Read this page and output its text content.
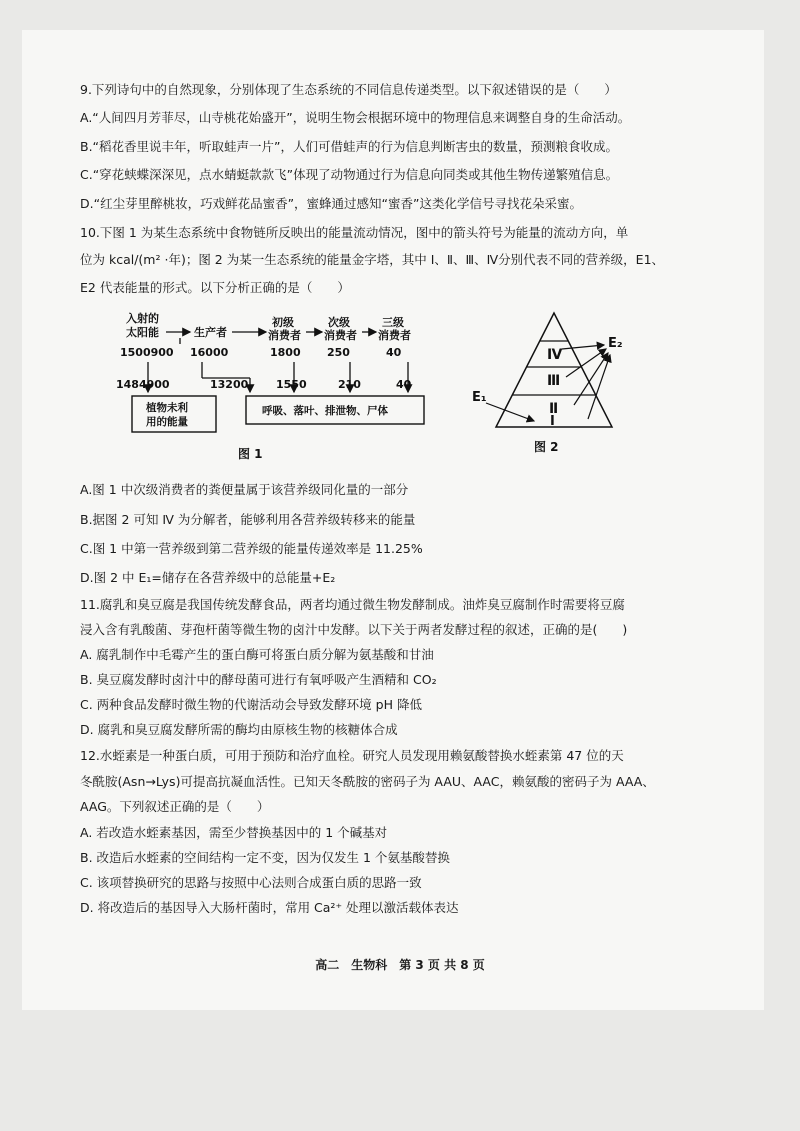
9.下列诗句中的自然现象，分别体现了生态系统的不同信息传递类型。以下叙述错误的是（　　）
A.“人间四月芳菲尽，山寺桃花始盛开”，说明生物会根据环境中的物理信息来调整自身的生命活动。
B.“稻花香里说丰年，听取蛙声一片”，人们可借蛙声的行为信息判断害虫的数量，预测粮食收成。
C.“穿花蛱蝶深深见，点水蜻蜓款款飞”体现了动物通过行为信息向同类或其他生物传递繁殖信息。
D.“红尘芽里醉桃妆，巧戏鲜花品蜜香”，蜜蜂通过感知“蜜香”这类化学信号寻找花朵采蜜。
10.下图 1 为某生态系统中食物链所反映出的能量流动情况，图中的箭头符号为能量的流动方向，单
位为 kcal/(m² ·年)；图 2 为某一生态系统的能量金字塔，其中 Ⅰ、Ⅱ、Ⅲ、Ⅳ分别代表不同的营养级，E1、
E2 代表能量的形式。以下分析正确的是（　　）
入射的
太阳能
1500900
生产者
16000
初级
消费者
1800
次级
消费者
250
三级
消费者
40
1484900	13200	1550	210	40
植物未利
用的能量
呼吸、落叶、排泄物、尸体
图 1
Ⅳ
Ⅲ
Ⅱ
Ⅰ
E₁
E₂
图 2
A.图 1 中次级消费者的粪便量属于该营养级同化量的一部分
B.据图 2 可知 Ⅳ 为分解者，能够利用各营养级转移来的能量
C.图 1 中第一营养级到第二营养级的能量传递效率是 11.25%
D.图 2 中 E₁=储存在各营养级中的总能量+E₂
11.腐乳和臭豆腐是我国传统发酵食品，两者均通过微生物发酵制成。油炸臭豆腐制作时需要将豆腐
浸入含有乳酸菌、芽孢杆菌等微生物的卤汁中发酵。以下关于两者发酵过程的叙述，正确的是(　　)
A. 腐乳制作中毛霉产生的蛋白酶可将蛋白质分解为氨基酸和甘油
B. 臭豆腐发酵时卤汁中的酵母菌可进行有氧呼吸产生酒精和 CO₂
C. 两种食品发酵时微生物的代谢活动会导致发酵环境 pH 降低
D. 腐乳和臭豆腐发酵所需的酶均由原核生物的核糖体合成
12.水蛭素是一种蛋白质，可用于预防和治疗血栓。研究人员发现用赖氨酸替换水蛭素第 47 位的天
冬酰胺(Asn→Lys)可提高抗凝血活性。已知天冬酰胺的密码子为 AAU、AAC，赖氨酸的密码子为 AAA、
AAG。下列叙述正确的是（　　）
A. 若改造水蛭素基因，需至少替换基因中的 1 个碱基对
B. 改造后水蛭素的空间结构一定不变，因为仅发生 1 个氨基酸替换
C. 该项替换研究的思路与按照中心法则合成蛋白质的思路一致
D. 将改造后的基因导入大肠杆菌时，常用 Ca²⁺ 处理以激活载体表达
高二　生物科　第 3 页 共 8 页
